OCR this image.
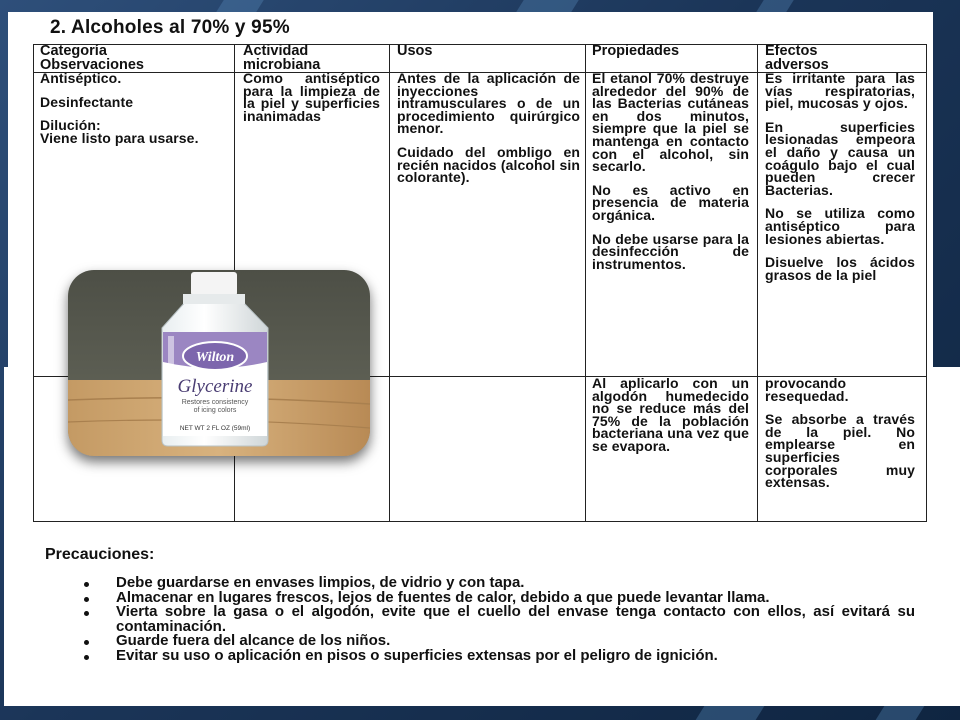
2. Alcoholes al 70% y 95%
Categoría
Observaciones
Actividad
microbiana
Usos	Propiedades	Efectos
adversos

Antiséptico.

Desinfectante

Dilución:

Viene listo para usarse.

Como antiséptico para la limpieza de la piel y superficies inanimadas

Antes de la aplicación de inyecciones intramusculares o de un procedimiento quirúrgico menor.

Cuidado del ombligo en recién nacidos (alcohol sin colorante).

El etanol 70% destruye alrededor del 90% de las Bacterias cutáneas en dos minutos, siempre que la piel se mantenga en contacto con el alcohol, sin secarlo.

No es activo en presencia de materia orgánica.

No debe usarse para la desinfección de instrumentos.

Es irritante para las vías respiratorias, piel, mucosas y ojos.

En superficies lesionadas empeora el daño y causa un coágulo bajo el cual pueden crecer Bacterias.

No se utiliza como antiséptico para lesiones abiertas.

Disuelve los ácidos grasos de la piel

Al aplicarlo con un algodón humedecido no se reduce más del 75% de la población bacteriana una vez que se evapora.

provocando resequedad.

Se absorbe a través de la piel. No emplearse en superficies corporales muy extensas.

Precauciones:
Debe guardarse en envases limpios, de vidrio y con tapa.
Almacenar en lugares frescos, lejos de fuentes de calor, debido a que puede levantar llama.
Vierta sobre la gasa o el algodón, evite que el cuello del envase tenga contacto con ellos, así evitará su contaminación.
Guarde fuera del alcance de los niños.
Evitar su uso o aplicación en pisos o superficies extensas por el peligro de ignición.
Wilton
Glycerine
Restores consistency
of icing colors
NET WT 2 FL OZ (59ml)
